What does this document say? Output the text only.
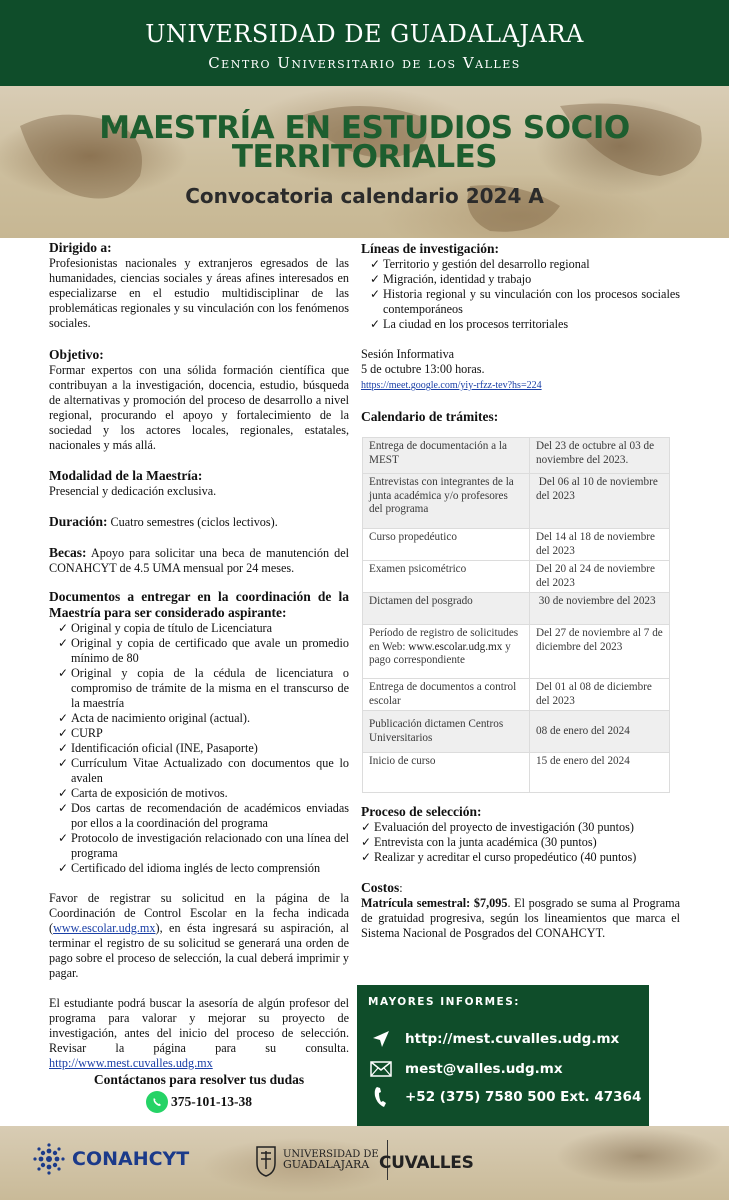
UNIVERSIDAD DE GUADALAJARA
Centro Universitario de los Valles
MAESTRÍA EN ESTUDIOS SOCIO
TERRITORIALES
Convocatoria calendario 2024 A
Dirigido a:

Profesionistas nacionales y extranjeros egresados de las humanidades, ciencias sociales y áreas afines interesados en especializarse en el estudio multidisciplinar de las problemáticas regionales y su vinculación con los fenómenos sociales.

Objetivo:

Formar expertos con una sólida formación científica que contribuyan a la investigación, docencia, estudio, búsqueda de alternativas y promoción del proceso de desarrollo a nivel regional, procurando el apoyo y fortalecimiento de la sociedad y los actores locales, regionales, estatales, nacionales y más allá.

Modalidad de la Maestría:

Presencial y dedicación exclusiva.

Duración: Cuatro semestres (ciclos lectivos).

Becas: Apoyo para solicitar una beca de manutención del CONAHCYT de 4.5 UMA mensual por 24 meses.

Documentos a entregar en la coordinación de la Maestría para ser considerado aspirante:
✓ Original y copia de título de Licenciatura
✓ Original y copia de certificado que avale un promedio mínimo de 80
✓ Original y copia de la cédula de licenciatura o compromiso de trámite de la misma en el transcurso de la maestría
✓ Acta de nacimiento original (actual).
✓ CURP
✓ Identificación oficial (INE, Pasaporte)
✓ Currículum Vitae Actualizado con documentos que lo avalen
✓ Carta de exposición de motivos.
✓ Dos cartas de recomendación de académicos enviadas por ellos a la coordinación del programa
✓ Protocolo de investigación relacionado con una línea del programa
✓ Certificado del idioma inglés de lecto comprensión

Favor de registrar su solicitud en la página de la Coordinación de Control Escolar en la fecha indicada (www.escolar.udg.mx), en ésta ingresará su aspiración, al terminar el registro de su solicitud se generará una orden de pago sobre el proceso de selección, la cual deberá imprimir y pagar.

El estudiante podrá buscar la asesoría de algún profesor del programa para valorar y mejorar su proyecto de investigación, antes del inicio del proceso de selección. Revisar la página para su consulta. http://www.mest.cuvalles.udg.mx

Contáctanos para resolver tus dudas
375-101-13-38
Líneas de investigación:
✓ Territorio y gestión del desarrollo regional
✓ Migración, identidad y trabajo
✓ Historia regional y su vinculación con los procesos sociales contemporáneos
✓ La ciudad en los procesos territoriales

Sesión Informativa

5 de octubre 13:00 horas.

https://meet.google.com/yiy-rfzz-tev?hs=224
Calendario de trámites:
Entrega de documentación a la MEST	Del 23 de octubre al 03 de noviembre del 2023.
Entrevistas con integrantes de la junta académica y/o profesores del programa	Del 06 al 10 de noviembre del 2023
Curso propedéutico	Del 14 al 18 de noviembre del 2023
Examen psicométrico	Del 20 al 24 de noviembre del 2023
Dictamen del posgrado	30 de noviembre del 2023
Período de registro de solicitudes en Web: www.escolar.udg.mx y pago correspondiente	Del 27 de noviembre al 7 de diciembre del 2023
Entrega de documentos a control escolar	Del 01 al 08 de diciembre del 2023
Publicación dictamen Centros Universitarios	08 de enero del 2024
Inicio de curso	15 de enero del 2024
Proceso de selección:
✓ Evaluación del proyecto de investigación (30 puntos)
✓ Entrevista con la junta académica (30 puntos)
✓ Realizar y acreditar el curso propedéutico (40 puntos)
Costos:

Matrícula semestral: $7,095. El posgrado se suma al Programa de gratuidad progresiva, según los lineamientos que marca el Sistema Nacional de Posgrados del CONAHCYT.

MAYORES INFORMES:
http://mest.cuvalles.udg.mx
mest@valles.udg.mx
+52 (375) 7580 500 Ext. 47364
CONAHCYT	UNIVERSIDAD DE
GUADALAJARA CUVALLES
